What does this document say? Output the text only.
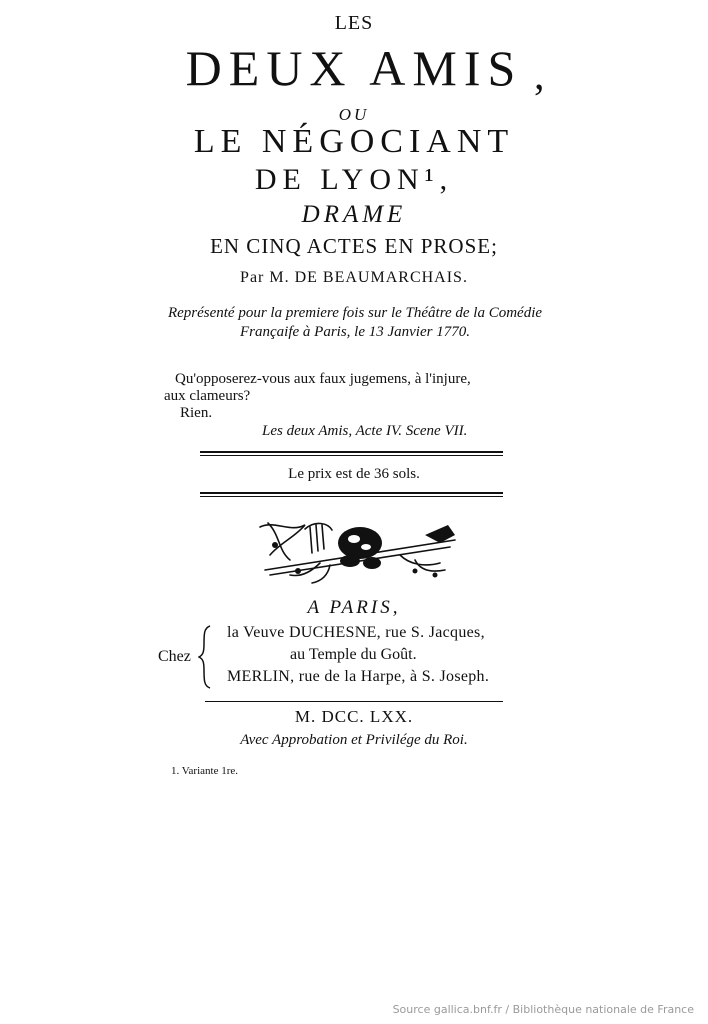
LES
DEUX AMIS ,
OU
LE NÉGOCIANT
DE LYON¹,
DRAME
EN CINQ ACTES EN PROSE;
Par M. DE BEAUMARCHAIS.
Représenté pour la premiere fois sur le Théâtre de la Comédie Françaife à Paris, le 13 Janvier 1770.
Qu'opposerez-vous aux faux jugemens, à l'injure,
aux clameurs?
Rien.
Les deux Amis, Acte IV. Scene VII.
Le prix est de 36 sols.
A PARIS,
Chez
la Veuve DUCHESNE, rue S. Jacques,
au Temple du Goût.
MERLIN, rue de la Harpe, à S. Joseph.
M. DCC. LXX.
Avec Approbation et Privilége du Roi.
1. Variante 1re.
Source gallica.bnf.fr / Bibliothèque nationale de France
